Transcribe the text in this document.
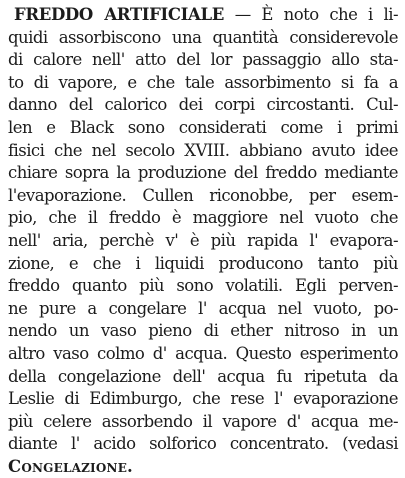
FREDDO ARTIFICIALE — È noto che i li-
quidi assorbiscono una quantità considerevole
di calore nell' atto del lor passaggio allo sta-
to di vapore, e che tale assorbimento si fa a
danno del calorico dei corpi circostanti. Cul-
len e Black sono considerati come i primi
fisici che nel secolo XVIII. abbiano avuto idee
chiare sopra la produzione del freddo mediante
l'evaporazione. Cullen riconobbe, per esem-
pio, che il freddo è maggiore nel vuoto che
nell' aria, perchè v' è più rapida l' evapora-
zione, e che i liquidi producono tanto più
freddo quanto più sono volatili. Egli perven-
ne pure a congelare l' acqua nel vuoto, po-
nendo un vaso pieno di ether nitroso in un
altro vaso colmo d' acqua. Questo esperimento
della congelazione dell' acqua fu ripetuta da
Leslie di Edimburgo, che rese l' evaporazione
più celere assorbendo il vapore d' acqua me-
diante l' acido solforico concentrato. (vedasi
Congelazione.
